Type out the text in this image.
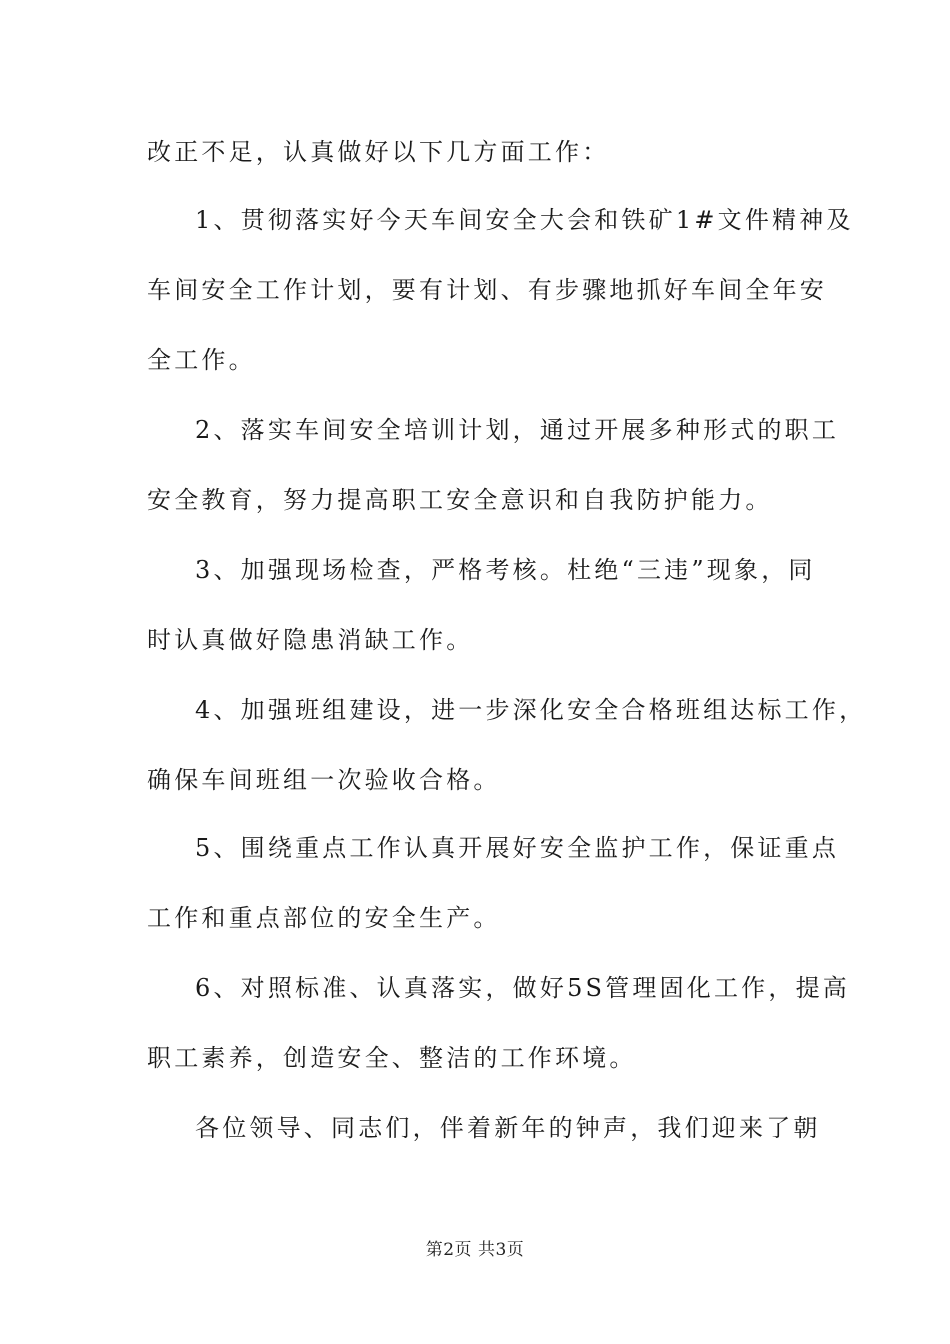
改正不足，认真做好以下几方面工作：
1、贯彻落实好今天车间安全大会和铁矿1#文件精神及
车间安全工作计划，要有计划、有步骤地抓好车间全年安
全工作。
2、落实车间安全培训计划，通过开展多种形式的职工
安全教育，努力提高职工安全意识和自我防护能力。
3、加强现场检查，严格考核。杜绝“三违”现象，同
时认真做好隐患消缺工作。
4、加强班组建设，进一步深化安全合格班组达标工作，
确保车间班组一次验收合格。
5、围绕重点工作认真开展好安全监护工作，保证重点
工作和重点部位的安全生产。
6、对照标准、认真落实，做好5S管理固化工作，提高
职工素养，创造安全、整洁的工作环境。
各位领导、同志们，伴着新年的钟声，我们迎来了朝
第2页 共3页
